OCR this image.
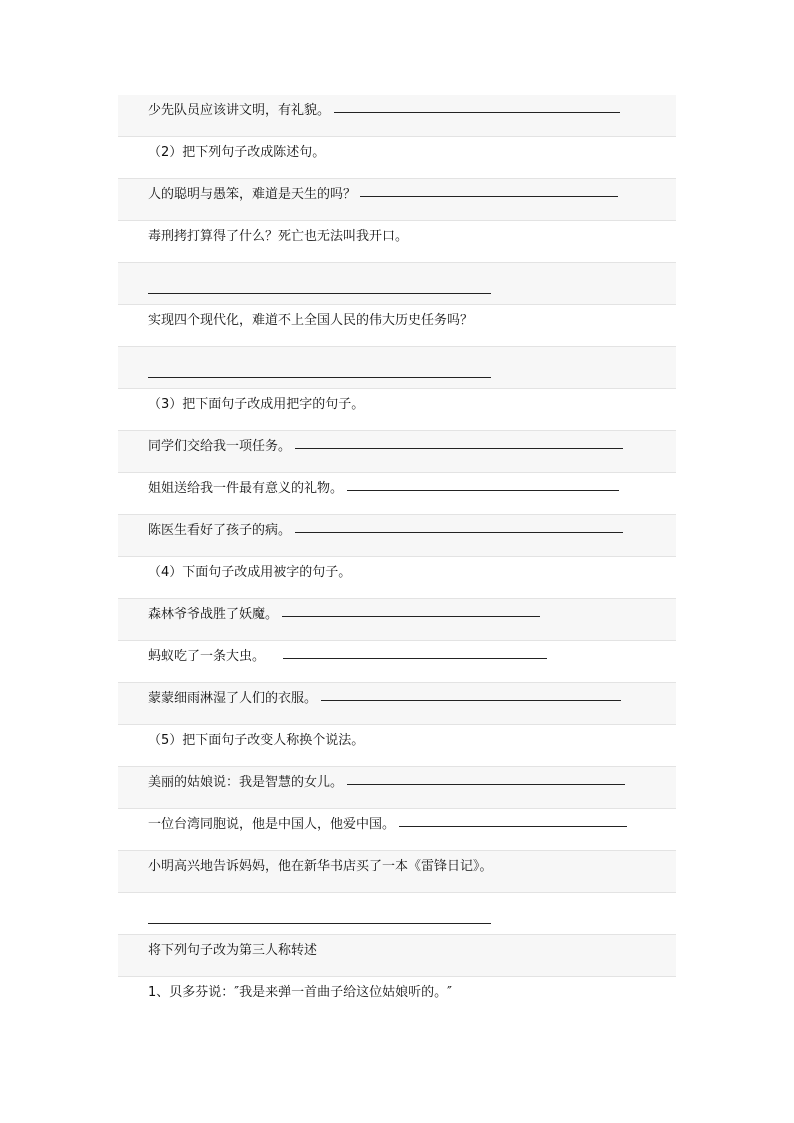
少先队员应该讲文明，有礼貌。
（2）把下列句子改成陈述句。
人的聪明与愚笨，难道是天生的吗？
毒刑拷打算得了什么？死亡也无法叫我开口。
实现四个现代化，难道不上全国人民的伟大历史任务吗？
（3）把下面句子改成用把字的句子。
同学们交给我一项任务。
姐姐送给我一件最有意义的礼物。
陈医生看好了孩子的病。
（4）下面句子改成用被字的句子。
森林爷爷战胜了妖魔。
蚂蚁吃了一条大虫。
蒙蒙细雨淋湿了人们的衣服。
（5）把下面句子改变人称换个说法。
美丽的姑娘说：我是智慧的女儿。
一位台湾同胞说，他是中国人，他爱中国。
小明高兴地告诉妈妈，他在新华书店买了一本《雷锋日记》。
将下列句子改为第三人称转述
1、贝多芬说：″我是来弹一首曲子给这位姑娘听的。″
